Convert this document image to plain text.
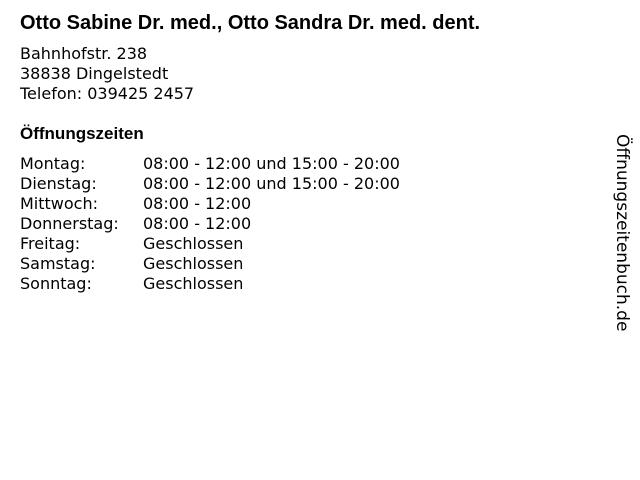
Otto Sabine Dr. med., Otto Sandra Dr. med. dent.
Bahnhofstr. 238
38838 Dingelstedt
Telefon: 039425 2457
Öffnungszeiten
Montag:	08:00 - 12:00 und 15:00 - 20:00
Dienstag:	08:00 - 12:00 und 15:00 - 20:00
Mittwoch:	08:00 - 12:00
Donnerstag:	08:00 - 12:00
Freitag:	Geschlossen
Samstag:	Geschlossen
Sonntag:	Geschlossen	Öffnungszeitenbuch.de
